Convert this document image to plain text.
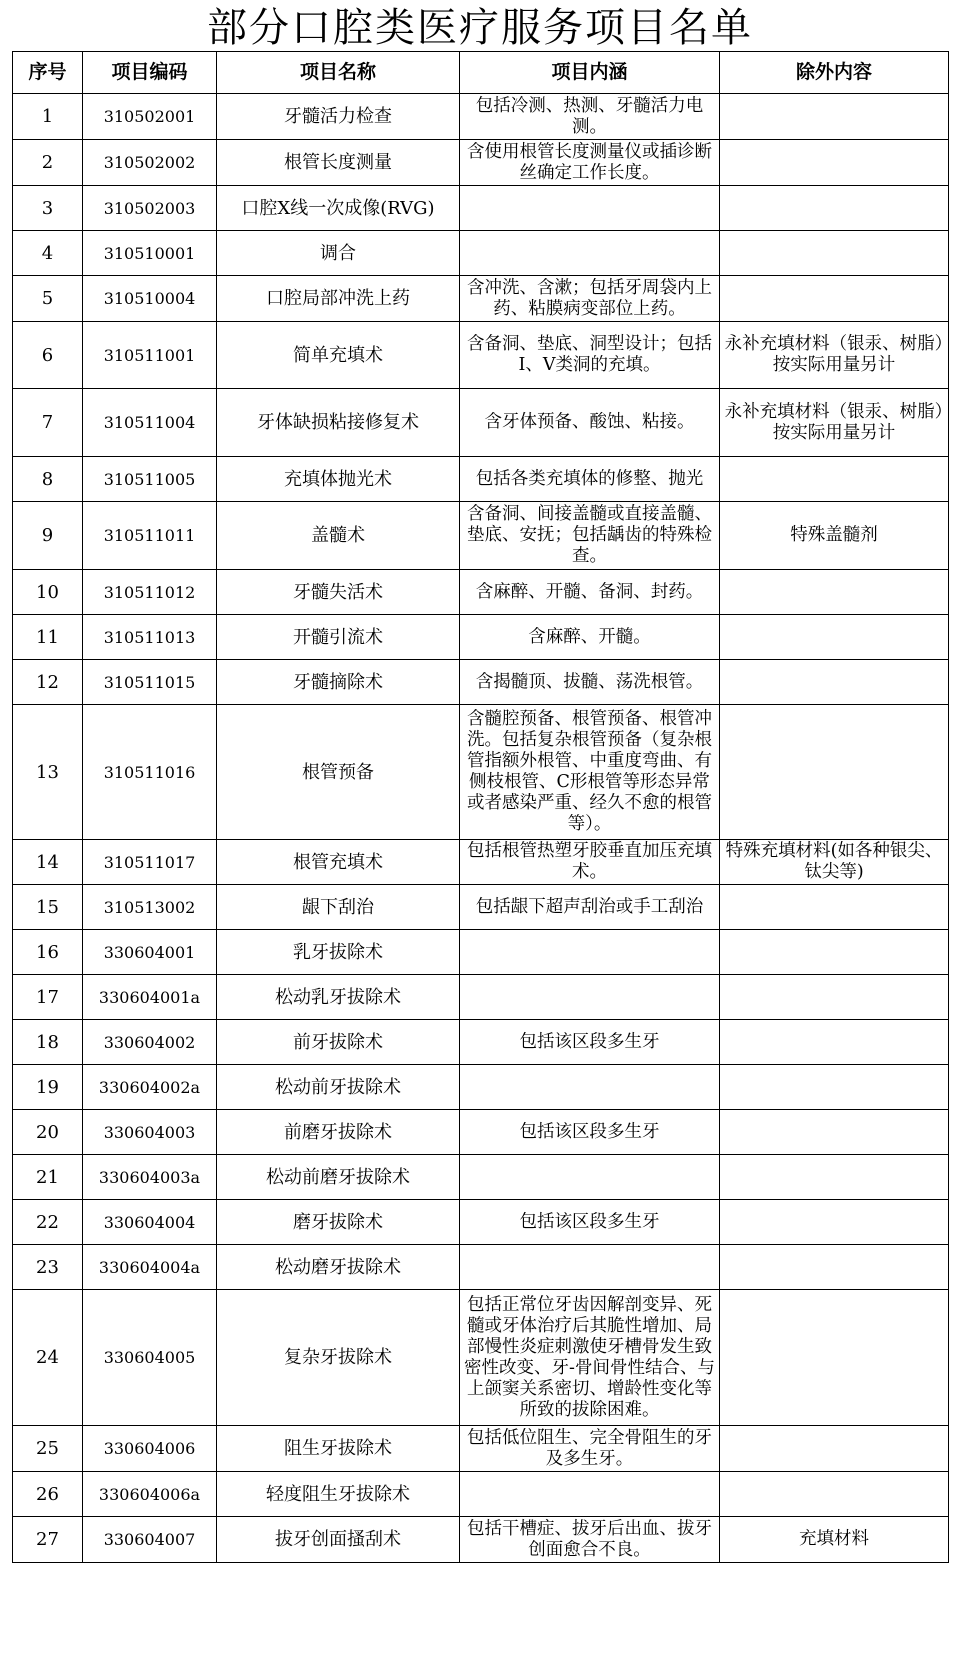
部分口腔类医疗服务项目名单
序号	项目编码	项目名称	项目内涵	除外内容
1	310502001	牙髓活力检查	包括冷测、热测、牙髓活力电测。	
2	310502002	根管长度测量	含使用根管长度测量仪或插诊断丝确定工作长度。	
3	310502003	口腔X线一次成像(RVG)		
4	310510001	调合		
5	310510004	口腔局部冲洗上药	含冲洗、含漱；包括牙周袋内上药、粘膜病变部位上药。	
6	310511001	简单充填术	含备洞、垫底、洞型设计；包括I、V类洞的充填。	永补充填材料（银汞、树脂）按实际用量另计
7	310511004	牙体缺损粘接修复术	含牙体预备、酸蚀、粘接。	永补充填材料（银汞、树脂）按实际用量另计
8	310511005	充填体抛光术	包括各类充填体的修整、抛光	
9	310511011	盖髓术	含备洞、间接盖髓或直接盖髓、垫底、安抚；包括龋齿的特殊检查。	特殊盖髓剂
10	310511012	牙髓失活术	含麻醉、开髓、备洞、封药。	
11	310511013	开髓引流术	含麻醉、开髓。	
12	310511015	牙髓摘除术	含揭髓顶、拔髓、荡洗根管。	
13	310511016	根管预备	含髓腔预备、根管预备、根管冲洗。包括复杂根管预备（复杂根管指额外根管、中重度弯曲、有侧枝根管、C形根管等形态异常或者感染严重、经久不愈的根管等）。	
14	310511017	根管充填术	包括根管热塑牙胶垂直加压充填术。	特殊充填材料(如各种银尖、钛尖等)
15	310513002	龈下刮治	包括龈下超声刮治或手工刮治	
16	330604001	乳牙拔除术		
17	330604001a	松动乳牙拔除术		
18	330604002	前牙拔除术	包括该区段多生牙	
19	330604002a	松动前牙拔除术		
20	330604003	前磨牙拔除术	包括该区段多生牙	
21	330604003a	松动前磨牙拔除术		
22	330604004	磨牙拔除术	包括该区段多生牙	
23	330604004a	松动磨牙拔除术		
24	330604005	复杂牙拔除术	包括正常位牙齿因解剖变异、死髓或牙体治疗后其脆性增加、局部慢性炎症刺激使牙槽骨发生致密性改变、牙-骨间骨性结合、与上颌窦关系密切、增龄性变化等所致的拔除困难。	
25	330604006	阻生牙拔除术	包括低位阻生、完全骨阻生的牙及多生牙。	
26	330604006a	轻度阻生牙拔除术		
27	330604007	拔牙创面搔刮术	包括干槽症、拔牙后出血、拔牙创面愈合不良。	充填材料
